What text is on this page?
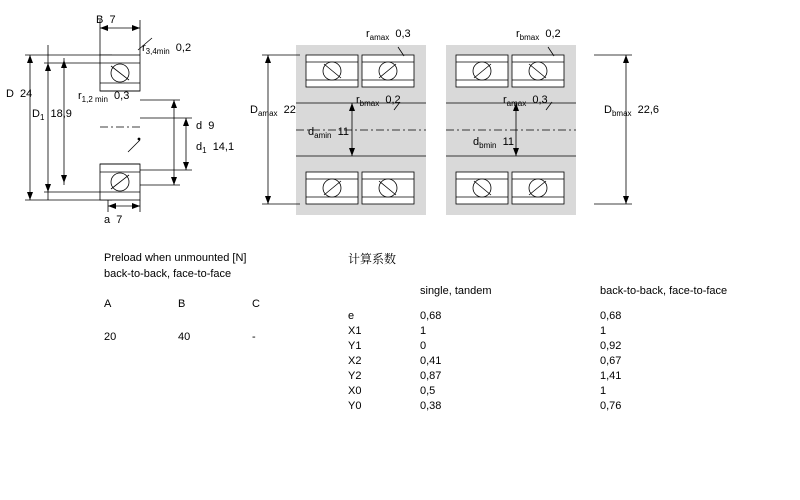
B  7
$r_{3,4min}$  0,2
D  24	$r_{1,2 min}$  0,3
$D_1$  18,9
d  9
$d_1$  14,1
a  7
$r_{amax}$  0,3	$r_{bmax}$  0,2
$D_{amax}$  22
$r_{bmax}$  0,2	$r_{amax}$  0,3
$d_{amin}$  11
$d_{bmin}$  11
$D_{bmax}$  22,6
Preload when unmounted [N]
back-to-back, face-to-face
A	B	C

20	40	-
计算系数
	single, tandem	back-to-back, face-to-face

e	0,68	0,68
X1	1	1
Y1	0	0,92
X2	0,41	0,67
Y2	0,87	1,41
X0	0,5	1
Y0	0,38	0,76
